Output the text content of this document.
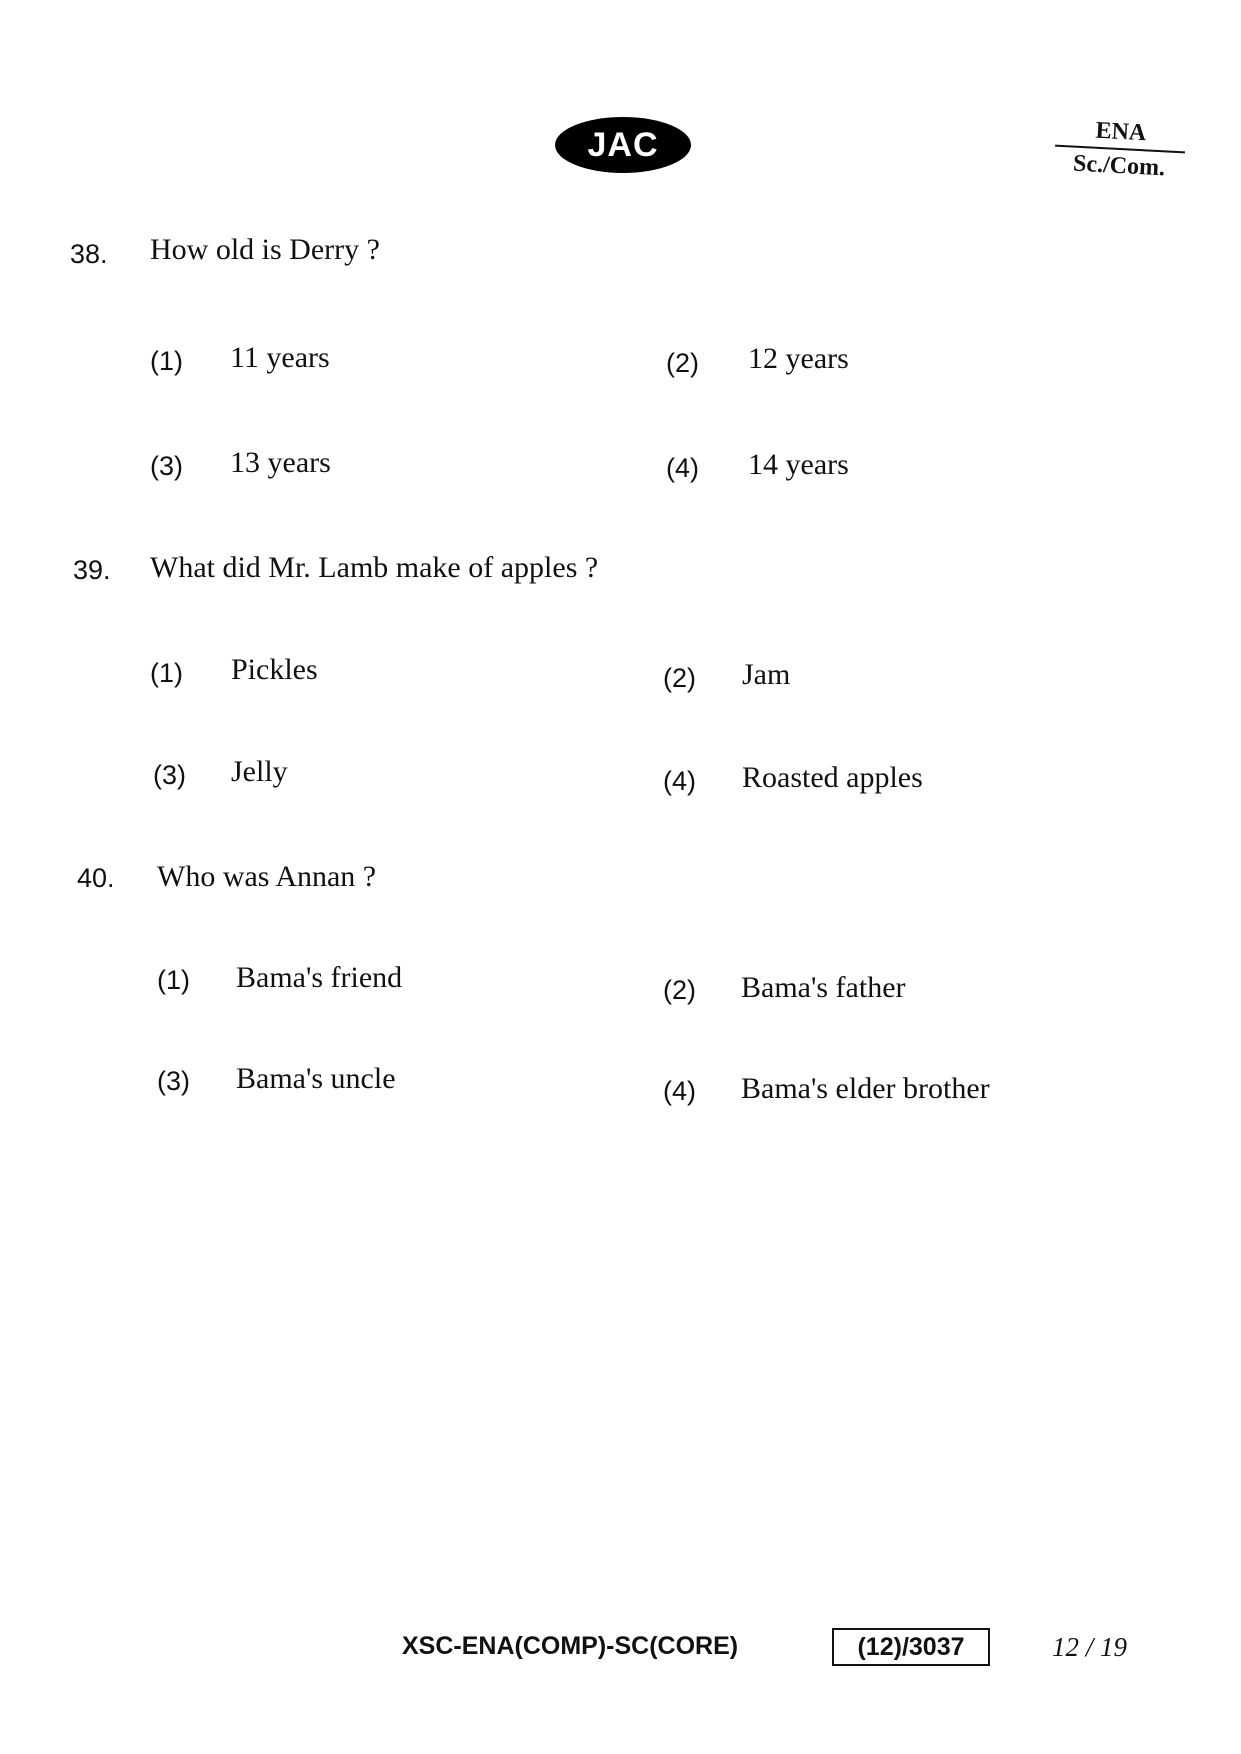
JAC	ENA
Sc./Com.
38. How old is Derry ?
(1) 11 years	(2) 12 years
(3) 13 years	(4) 14 years
39. What did Mr. Lamb make of apples ?
(1) Pickles	(2) Jam
(3) Jelly	(4) Roasted apples
40. Who was Annan ?
(1) Bama's friend	(2) Bama's father
(3) Bama's uncle	(4) Bama's elder brother
XSC-ENA(COMP)-SC(CORE)	(12)/3037	12 / 19
